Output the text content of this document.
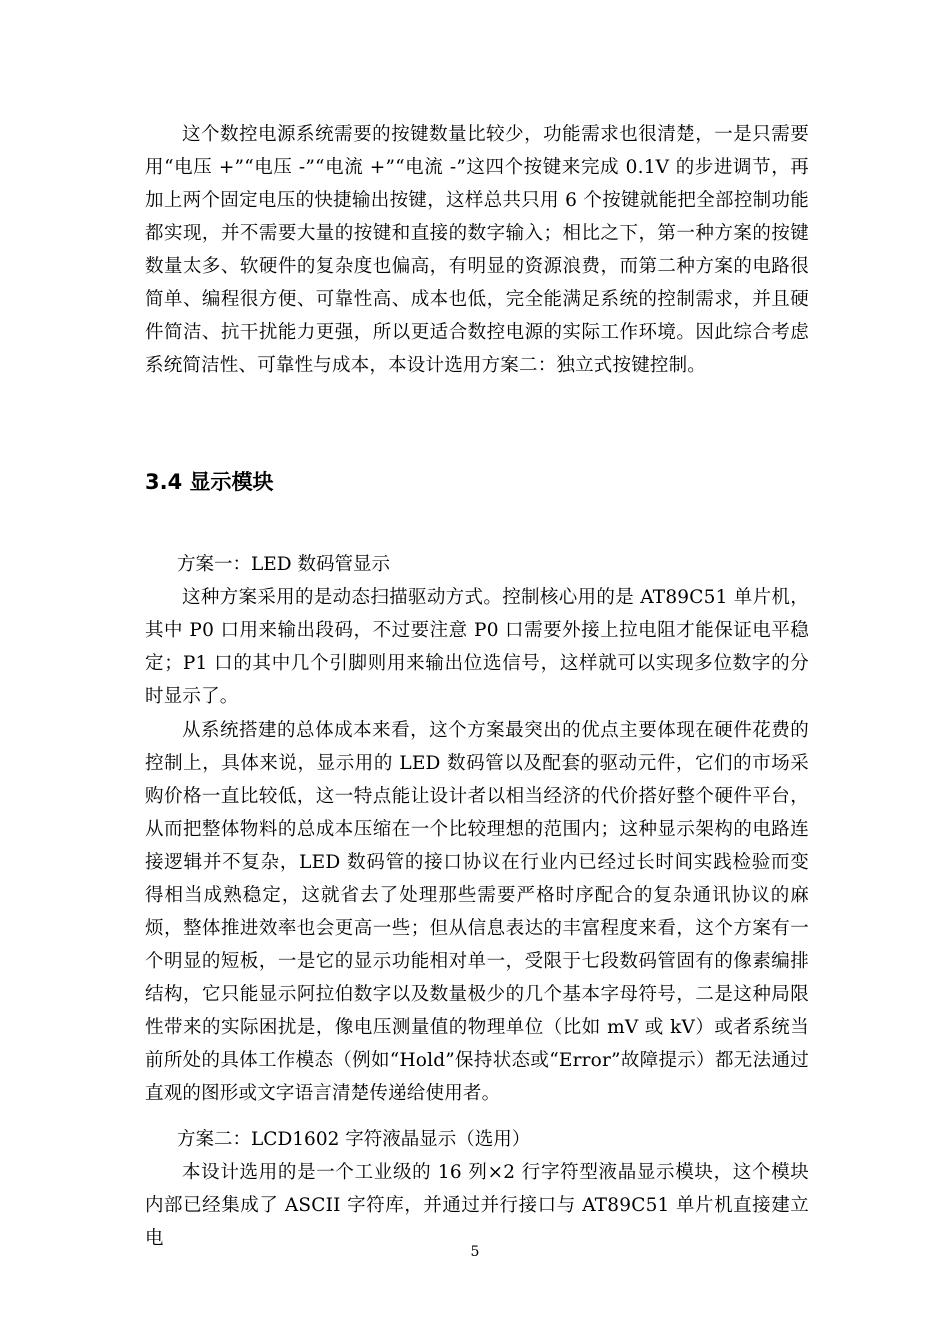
这个数控电源系统需要的按键数量比较少，功能需求也很清楚，一是只需要用“电压 +”“电压 -”“电流 +”“电流 -”这四个按键来完成 0.1V 的步进调节，再加上两个固定电压的快捷输出按键，这样总共只用 6 个按键就能把全部控制功能都实现，并不需要大量的按键和直接的数字输入；相比之下，第一种方案的按键数量太多、软硬件的复杂度也偏高，有明显的资源浪费，而第二种方案的电路很简单、编程很方便、可靠性高、成本也低，完全能满足系统的控制需求，并且硬件简洁、抗干扰能力更强，所以更适合数控电源的实际工作环境。因此综合考虑系统简洁性、可靠性与成本，本设计选用方案二：独立式按键控制。

3.4 显示模块

方案一：LED 数码管显示

这种方案采用的是动态扫描驱动方式。控制核心用的是 AT89C51 单片机，其中 P0 口用来输出段码，不过要注意 P0 口需要外接上拉电阻才能保证电平稳定；P1 口的其中几个引脚则用来输出位选信号，这样就可以实现多位数字的分时显示了。

从系统搭建的总体成本来看，这个方案最突出的优点主要体现在硬件花费的控制上，具体来说，显示用的 LED 数码管以及配套的驱动元件，它们的市场采购价格一直比较低，这一特点能让设计者以相当经济的代价搭好整个硬件平台，从而把整体物料的总成本压缩在一个比较理想的范围内；这种显示架构的电路连接逻辑并不复杂，LED 数码管的接口协议在行业内已经过长时间实践检验而变得相当成熟稳定，这就省去了处理那些需要严格时序配合的复杂通讯协议的麻烦，整体推进效率也会更高一些；但从信息表达的丰富程度来看，这个方案有一个明显的短板，一是它的显示功能相对单一，受限于七段数码管固有的像素编排结构，它只能显示阿拉伯数字以及数量极少的几个基本字母符号，二是这种局限性带来的实际困扰是，像电压测量值的物理单位（比如 mV 或 kV）或者系统当前所处的具体工作模态（例如“Hold”保持状态或“Error”故障提示）都无法通过直观的图形或文字语言清楚传递给使用者。

方案二：LCD1602 字符液晶显示（选用）

本设计选用的是一个工业级的 16 列×2 行字符型液晶显示模块，这个模块内部已经集成了 ASCII 字符库，并通过并行接口与 AT89C51 单片机直接建立电

5
